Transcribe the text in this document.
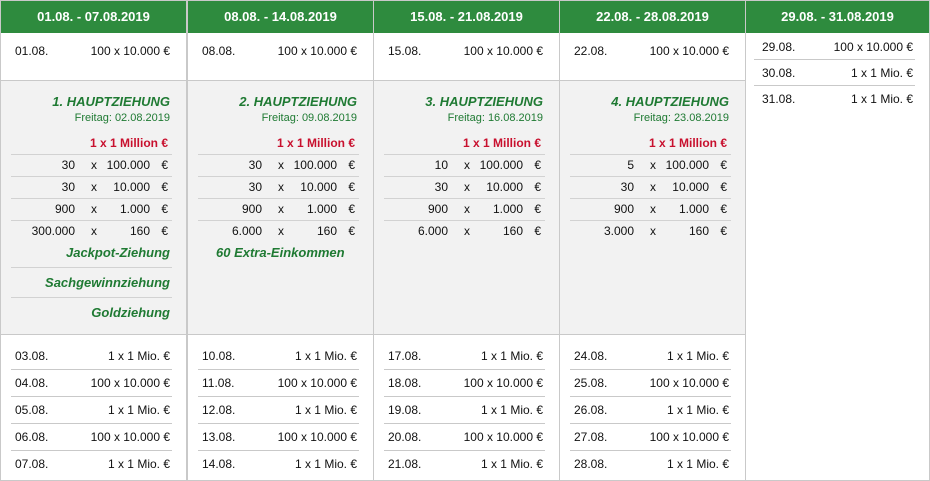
01.08. - 07.08.2019
01.08.	100 x 10.000 €
1. HAUPTZIEHUNG
Freitag: 02.08.2019
1 x 1 Million €
30 x 100.000 €
30 x 10.000 €
900 x 1.000 €
300.000 x	160 €
Jackpot-Ziehung
Sachgewinnziehung
Goldziehung
03.08.	1 x 1 Mio. €
04.08.	100 x 10.000 €
05.08.	1 x 1 Mio. €
06.08.	100 x 10.000 €
07.08.	1 x 1 Mio. €
08.08. - 14.08.2019
08.08.	100 x 10.000 €
2. HAUPTZIEHUNG
Freitag: 09.08.2019
1 x 1 Million €
30 x 100.000 €
30 x 10.000 €
900 x 1.000 €
6.000 x	160 €
60 Extra-Einkommen
10.08.	1 x 1 Mio. €
11.08.	100 x 10.000 €
12.08.	1 x 1 Mio. €
13.08.	100 x 10.000 €
14.08.	1 x 1 Mio. €
15.08. - 21.08.2019
15.08.	100 x 10.000 €
3. HAUPTZIEHUNG
Freitag: 16.08.2019
1 x 1 Million €
10 x 100.000 €
30 x 10.000 €
900 x 1.000 €
6.000 x	160 €
17.08.	1 x 1 Mio. €
18.08.	100 x 10.000 €
19.08.	1 x 1 Mio. €
20.08.	100 x 10.000 €
21.08.	1 x 1 Mio. €
22.08. - 28.08.2019
22.08.	100 x 10.000 €
4. HAUPTZIEHUNG
Freitag: 23.08.2019
1 x 1 Million €
5 x 100.000 €
30 x 10.000 €
900 x 1.000 €
3.000 x	160 €
24.08.	1 x 1 Mio. €
25.08.	100 x 10.000 €
26.08.	1 x 1 Mio. €
27.08.	100 x 10.000 €
28.08.	1 x 1 Mio. €
29.08. - 31.08.2019
29.08.	100 x 10.000 €
30.08.	1 x 1 Mio. €
31.08.	1 x 1 Mio. €
